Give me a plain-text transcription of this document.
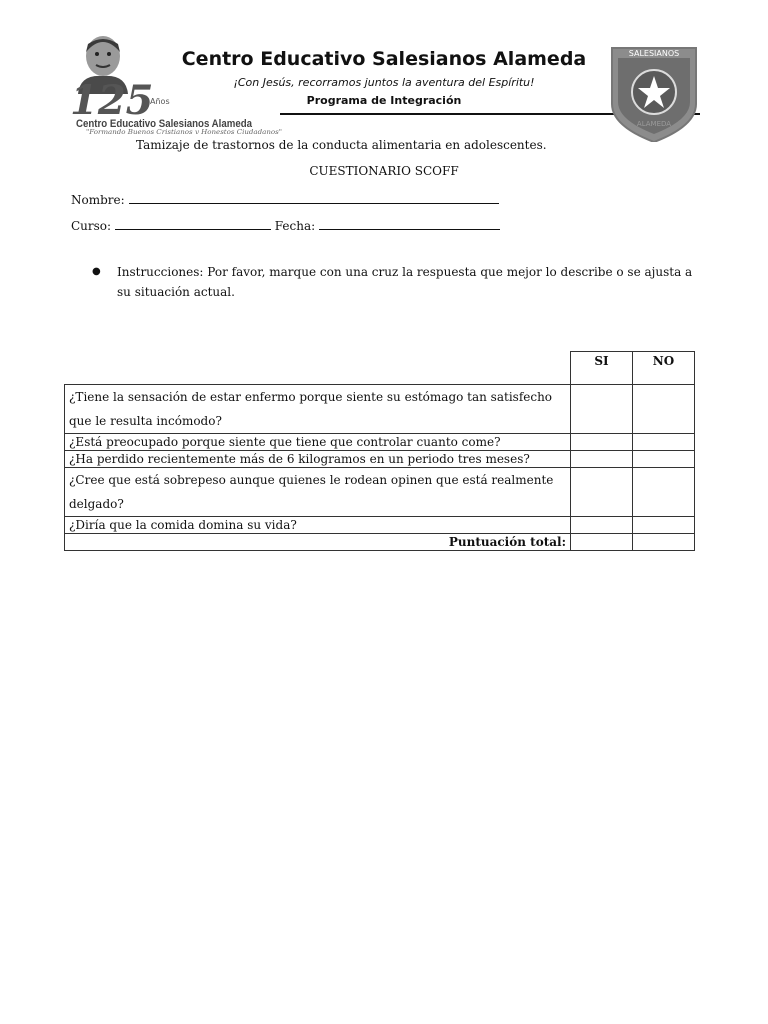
125
Años
Centro Educativo Salesianos Alameda
"Formando Buenos Cristianos y Honestos Ciudadanos"
Centro Educativo Salesianos Alameda
¡Con Jesús, recorramos juntos la aventura del Espíritu!
Programa de Integración
SALESIANOS
ALAMEDA
Tamizaje de trastornos de la conducta alimentaria en adolescentes.
CUESTIONARIO SCOFF
Nombre:
Curso:	Fecha:
● Instrucciones: Por favor, marque con una cruz la respuesta que mejor lo describe o se ajusta a su situación actual.
	SI	NO
¿Tiene la sensación de estar enfermo porque siente su estómago tan satisfecho que le resulta incómodo?		
¿Está preocupado porque siente que tiene que controlar cuanto come?		
¿Ha perdido recientemente más de 6 kilogramos en un periodo tres meses?		
¿Cree que está sobrepeso aunque quienes le rodean opinen que está realmente delgado?		
¿Diría que la comida domina su vida?		
Puntuación total:		
